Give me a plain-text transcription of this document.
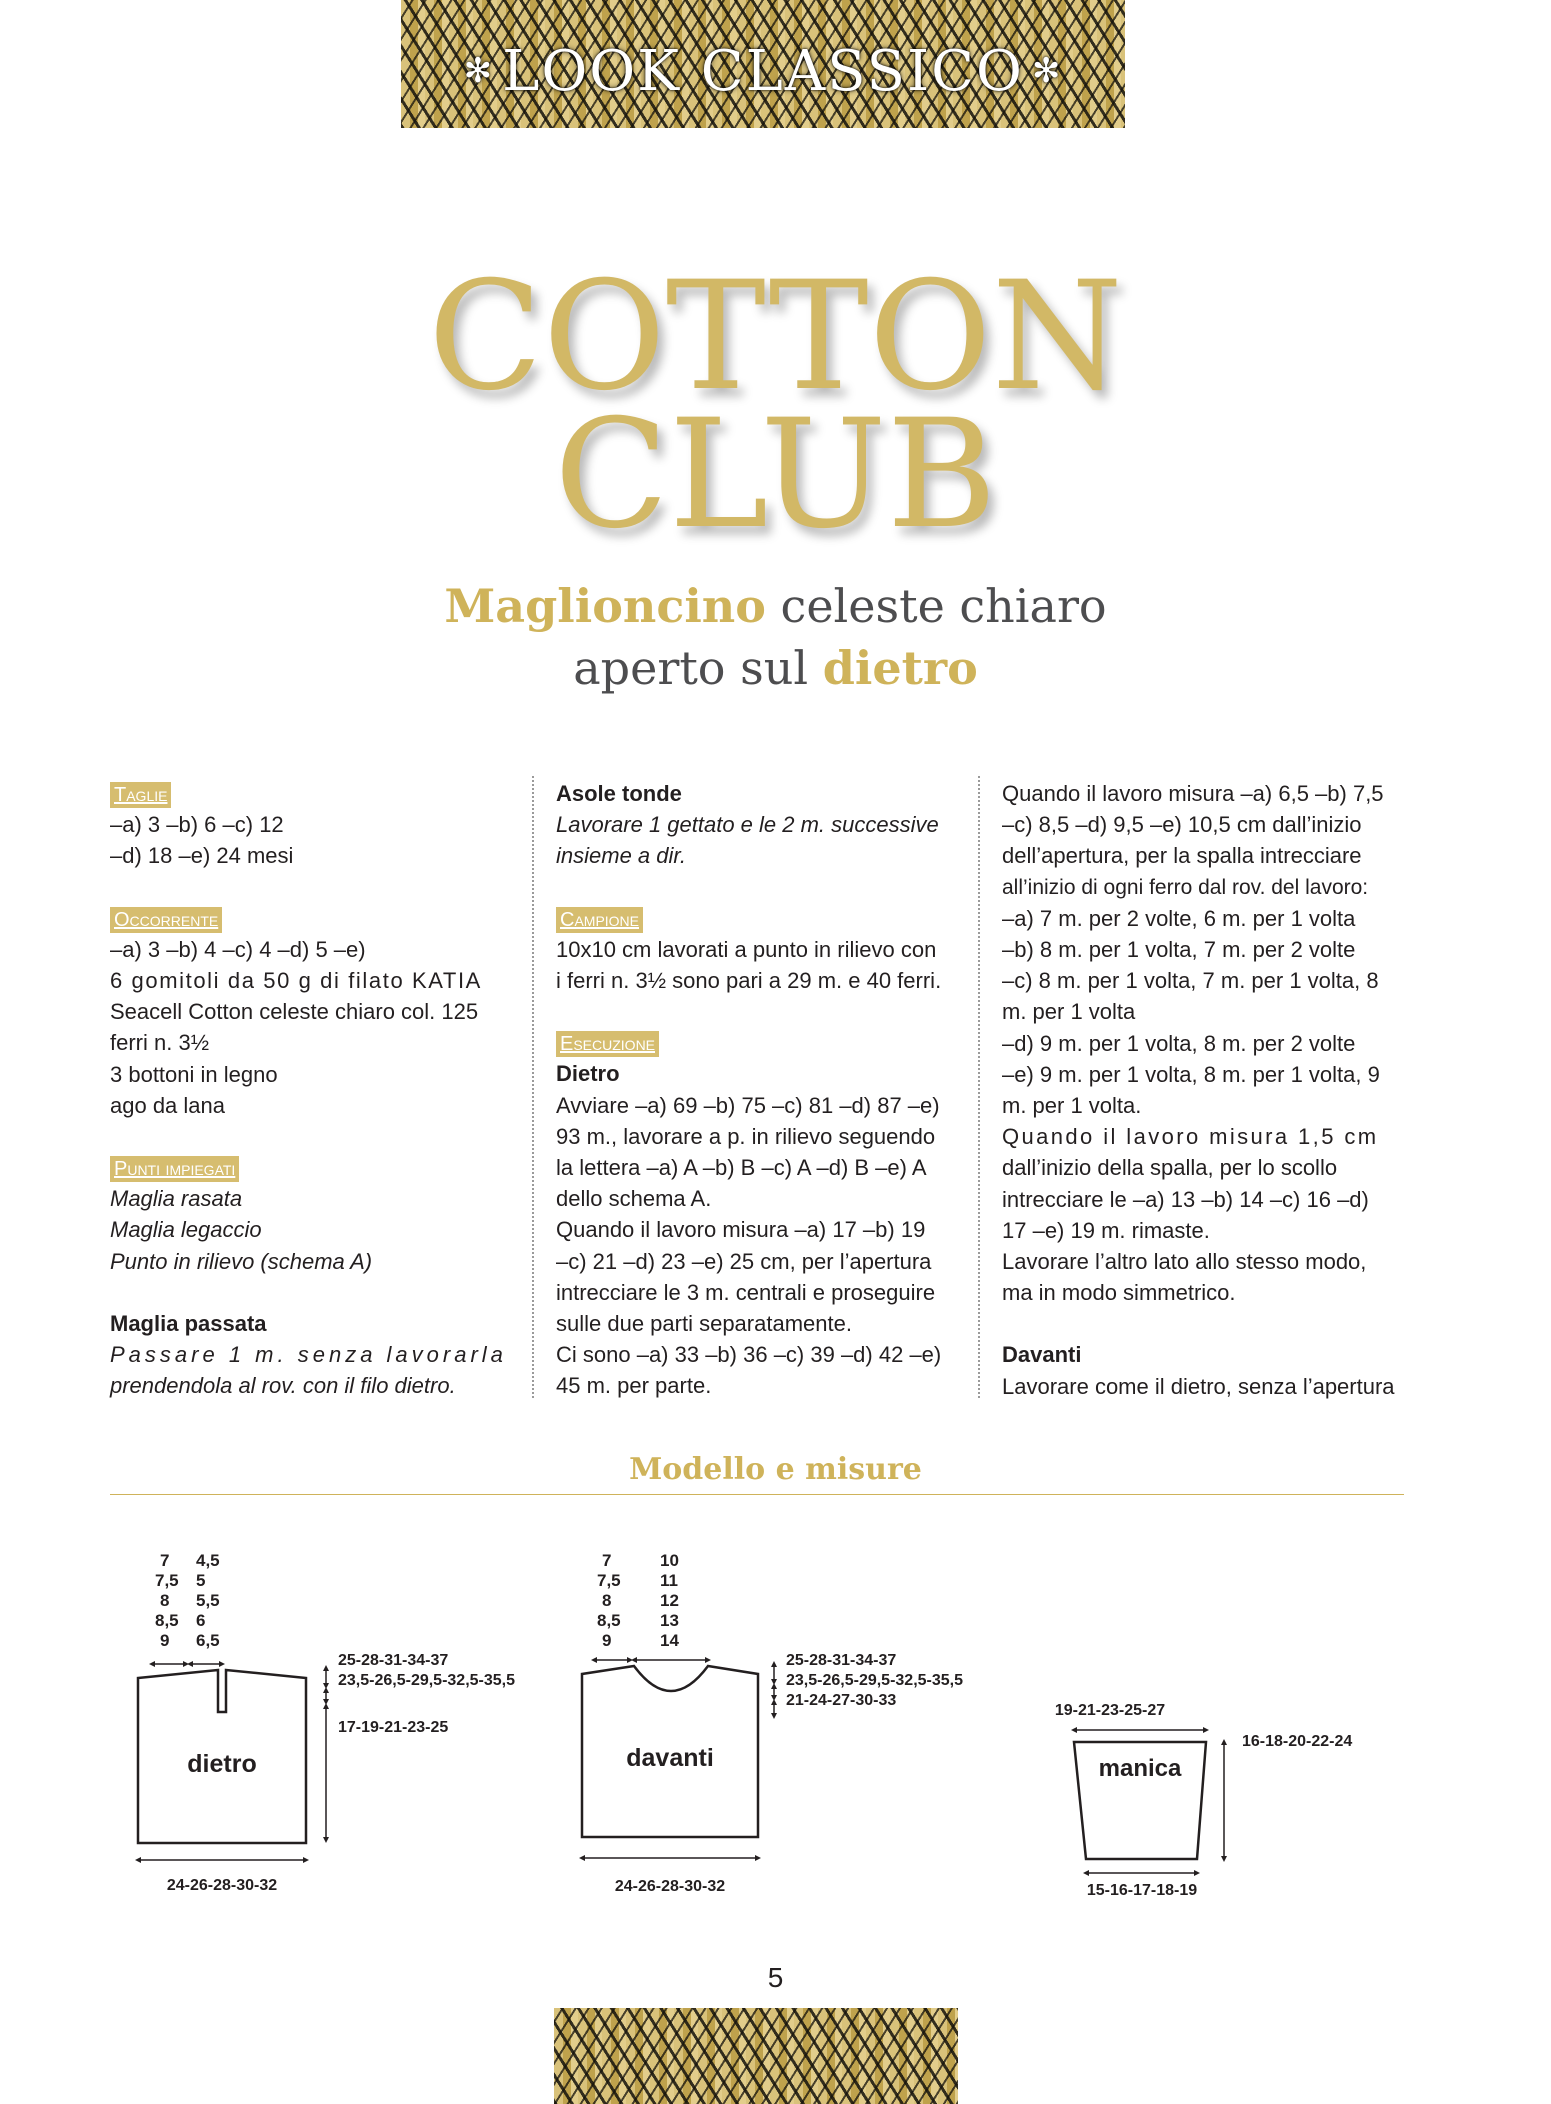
✻ LOOK CLASSICO ✻
COTTON
CLUB
Maglioncino celeste chiaro
aperto sul dietro
Taglie

–a) 3 –b) 6 –c) 12

–d) 18 –e) 24 mesi

Occorrente

–a) 3 –b) 4 –c) 4 –d) 5 –e)

6 gomitoli da 50 g di filato KATIA

Seacell Cotton celeste chiaro col. 125

ferri n. 3½

3 bottoni in legno

ago da lana

Punti impiegati

Maglia rasata

Maglia legaccio

Punto in rilievo (schema A)

Maglia passata

Passare 1 m. senza lavorarla

prendendola al rov. con il filo dietro.

Asole tonde

Lavorare 1 gettato e le 2 m. successive

insieme a dir.

Campione

10x10 cm lavorati a punto in rilievo con

i ferri n. 3½ sono pari a 29 m. e 40 ferri.

Esecuzione

Dietro

Avviare –a) 69 –b) 75 –c) 81 –d) 87 –e)

93 m., lavorare a p. in rilievo seguendo

la lettera –a) A –b) B –c) A –d) B –e) A

dello schema A.

Quando il lavoro misura –a) 17 –b) 19

–c) 21 –d) 23 –e) 25 cm, per l’apertura

intrecciare le 3 m. centrali e proseguire

sulle due parti separatamente.

Ci sono –a) 33 –b) 36 –c) 39 –d) 42 –e)

45 m. per parte.

Quando il lavoro misura –a) 6,5 –b) 7,5

–c) 8,5 –d) 9,5 –e) 10,5 cm dall’inizio

dell’apertura, per la spalla intrecciare

all’inizio di ogni ferro dal rov. del lavoro:

–a) 7 m. per 2 volte, 6 m. per 1 volta

–b) 8 m. per 1 volta, 7 m. per 2 volte

–c) 8 m. per 1 volta, 7 m. per 1 volta, 8

m. per 1 volta

–d) 9 m. per 1 volta, 8 m. per 2 volte

–e) 9 m. per 1 volta, 8 m. per 1 volta, 9

m. per 1 volta.

Quando il lavoro misura 1,5 cm

dall’inizio della spalla, per lo scollo

intrecciare le –a) 13 –b) 14 –c) 16 –d)

17 –e) 19 m. rimaste.

Lavorare l’altro lato allo stesso modo,

ma in modo simmetrico.

Davanti

Lavorare come il dietro, senza l’apertura

Modello e misure
7
7,5
8
8,5
9
4,5
5
5,5
6
6,5
dietro
25-28-31-34-37
23,5-26,5-29,5-32,5-35,5
17-19-21-23-25
24-26-28-30-32
7
7,5
8
8,5
9
10
11
12
13
14
davanti
25-28-31-34-37
23,5-26,5-29,5-32,5-35,5
21-24-27-30-33
24-26-28-30-32
19-21-23-25-27
manica
16-18-20-22-24
15-16-17-18-19
5
